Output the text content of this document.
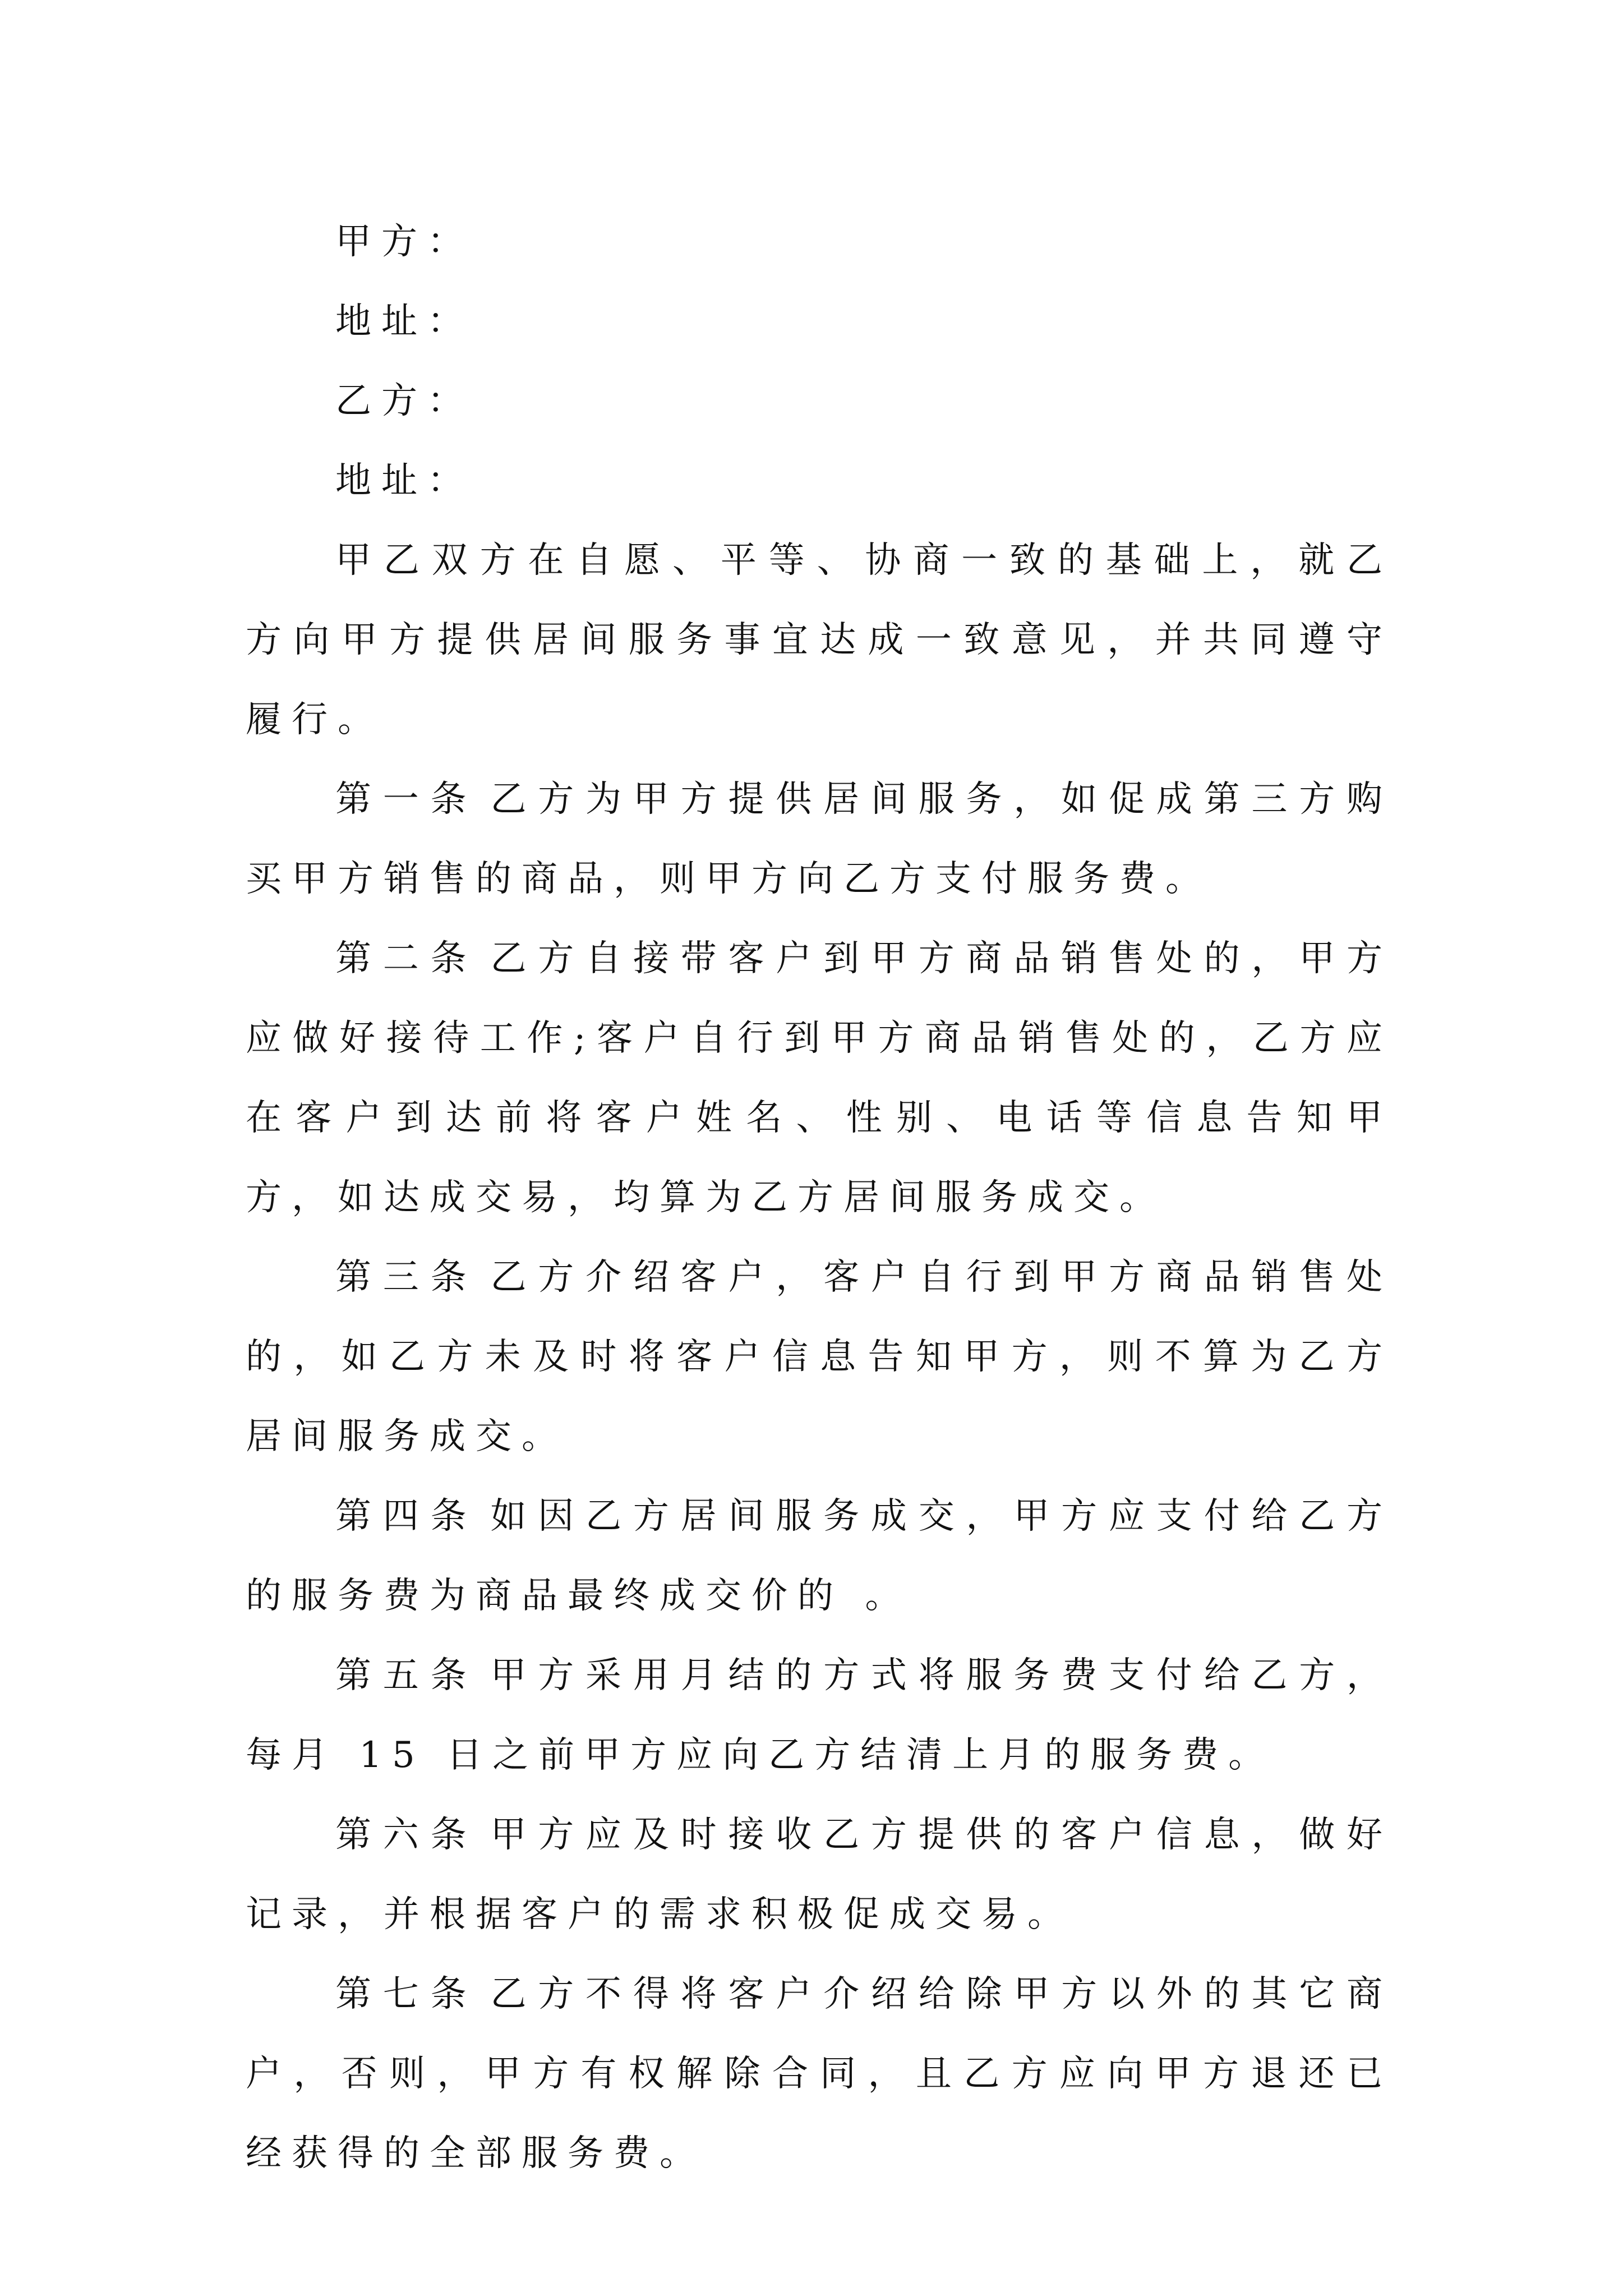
甲方：
地址：
乙方：
地址：

甲乙双方在自愿、平等、协商一致的基础上，就乙方向甲方提供居间服务事宜达成一致意见，并共同遵守履行。

第一条 乙方为甲方提供居间服务，如促成第三方购买甲方销售的商品，则甲方向乙方支付服务费。

第二条 乙方自接带客户到甲方商品销售处的，甲方应做好接待工作;客户自行到甲方商品销售处的，乙方应在客户到达前将客户姓名、性别、电话等信息告知甲方，如达成交易，均算为乙方居间服务成交。

第三条 乙方介绍客户，客户自行到甲方商品销售处的，如乙方未及时将客户信息告知甲方，则不算为乙方居间服务成交。

第四条 如因乙方居间服务成交，甲方应支付给乙方的服务费为商品最终成交价的 。

第五条 甲方采用月结的方式将服务费支付给乙方，每月 15 日之前甲方应向乙方结清上月的服务费。

第六条 甲方应及时接收乙方提供的客户信息，做好记录，并根据客户的需求积极促成交易。

第七条 乙方不得将客户介绍给除甲方以外的其它商户，否则，甲方有权解除合同，且乙方应向甲方退还已经获得的全部服务费。
